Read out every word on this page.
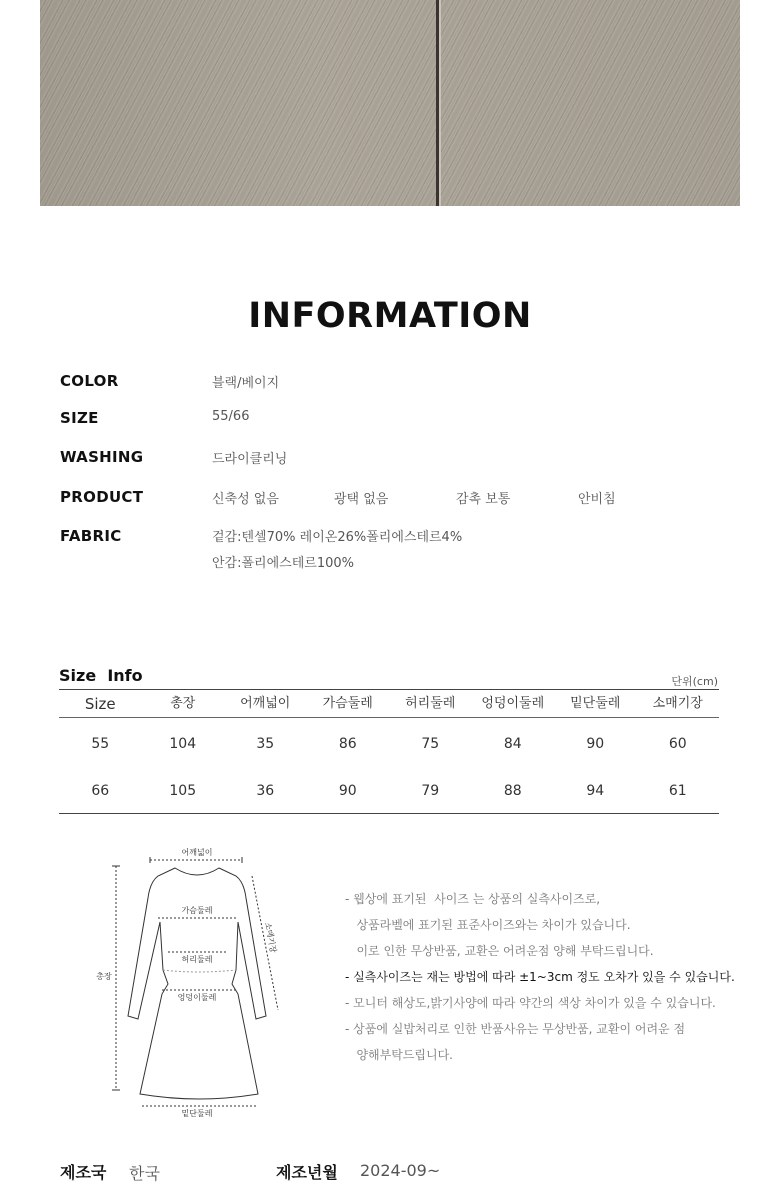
INFORMATION
COLOR	블랙/베이지
SIZE	55/66
WASHING	드라이클리닝
PRODUCT	신축성 없음	광택 없음	감촉 보통	안비침
FABRIC	겉감:텐셀70% 레이온26%폴리에스테르4%
안감:폴리에스테르100%
Size  Info	단위(cm)
Size	총장	어깨넓이	가슴둘레	허리둘레	엉덩이둘레	밑단둘레	소매기장
55	104	35	86	75	84	90	60
66	105	36	90	79	88	94	61
어깨넓이
가슴둘레
허리둘레
엉덩이둘레
밑단둘레
총장
소매기장
- 웹상에 표기된  사이즈 는 상품의 실측사이즈로,
상품라벨에 표기된 표준사이즈와는 차이가 있습니다.
이로 인한 무상반품, 교환은 어려운점 양해 부탁드립니다.
- 실측사이즈는 재는 방법에 따라 ±1~3cm 정도 오차가 있을 수 있습니다.
- 모니터 해상도,밝기사양에 따라 약간의 색상 차이가 있을 수 있습니다.
- 상품에 실밥처리로 인한 반품사유는 무상반품, 교환이 어려운 점
양해부탁드립니다.
제조국 한국	제조년월 2024-09~
